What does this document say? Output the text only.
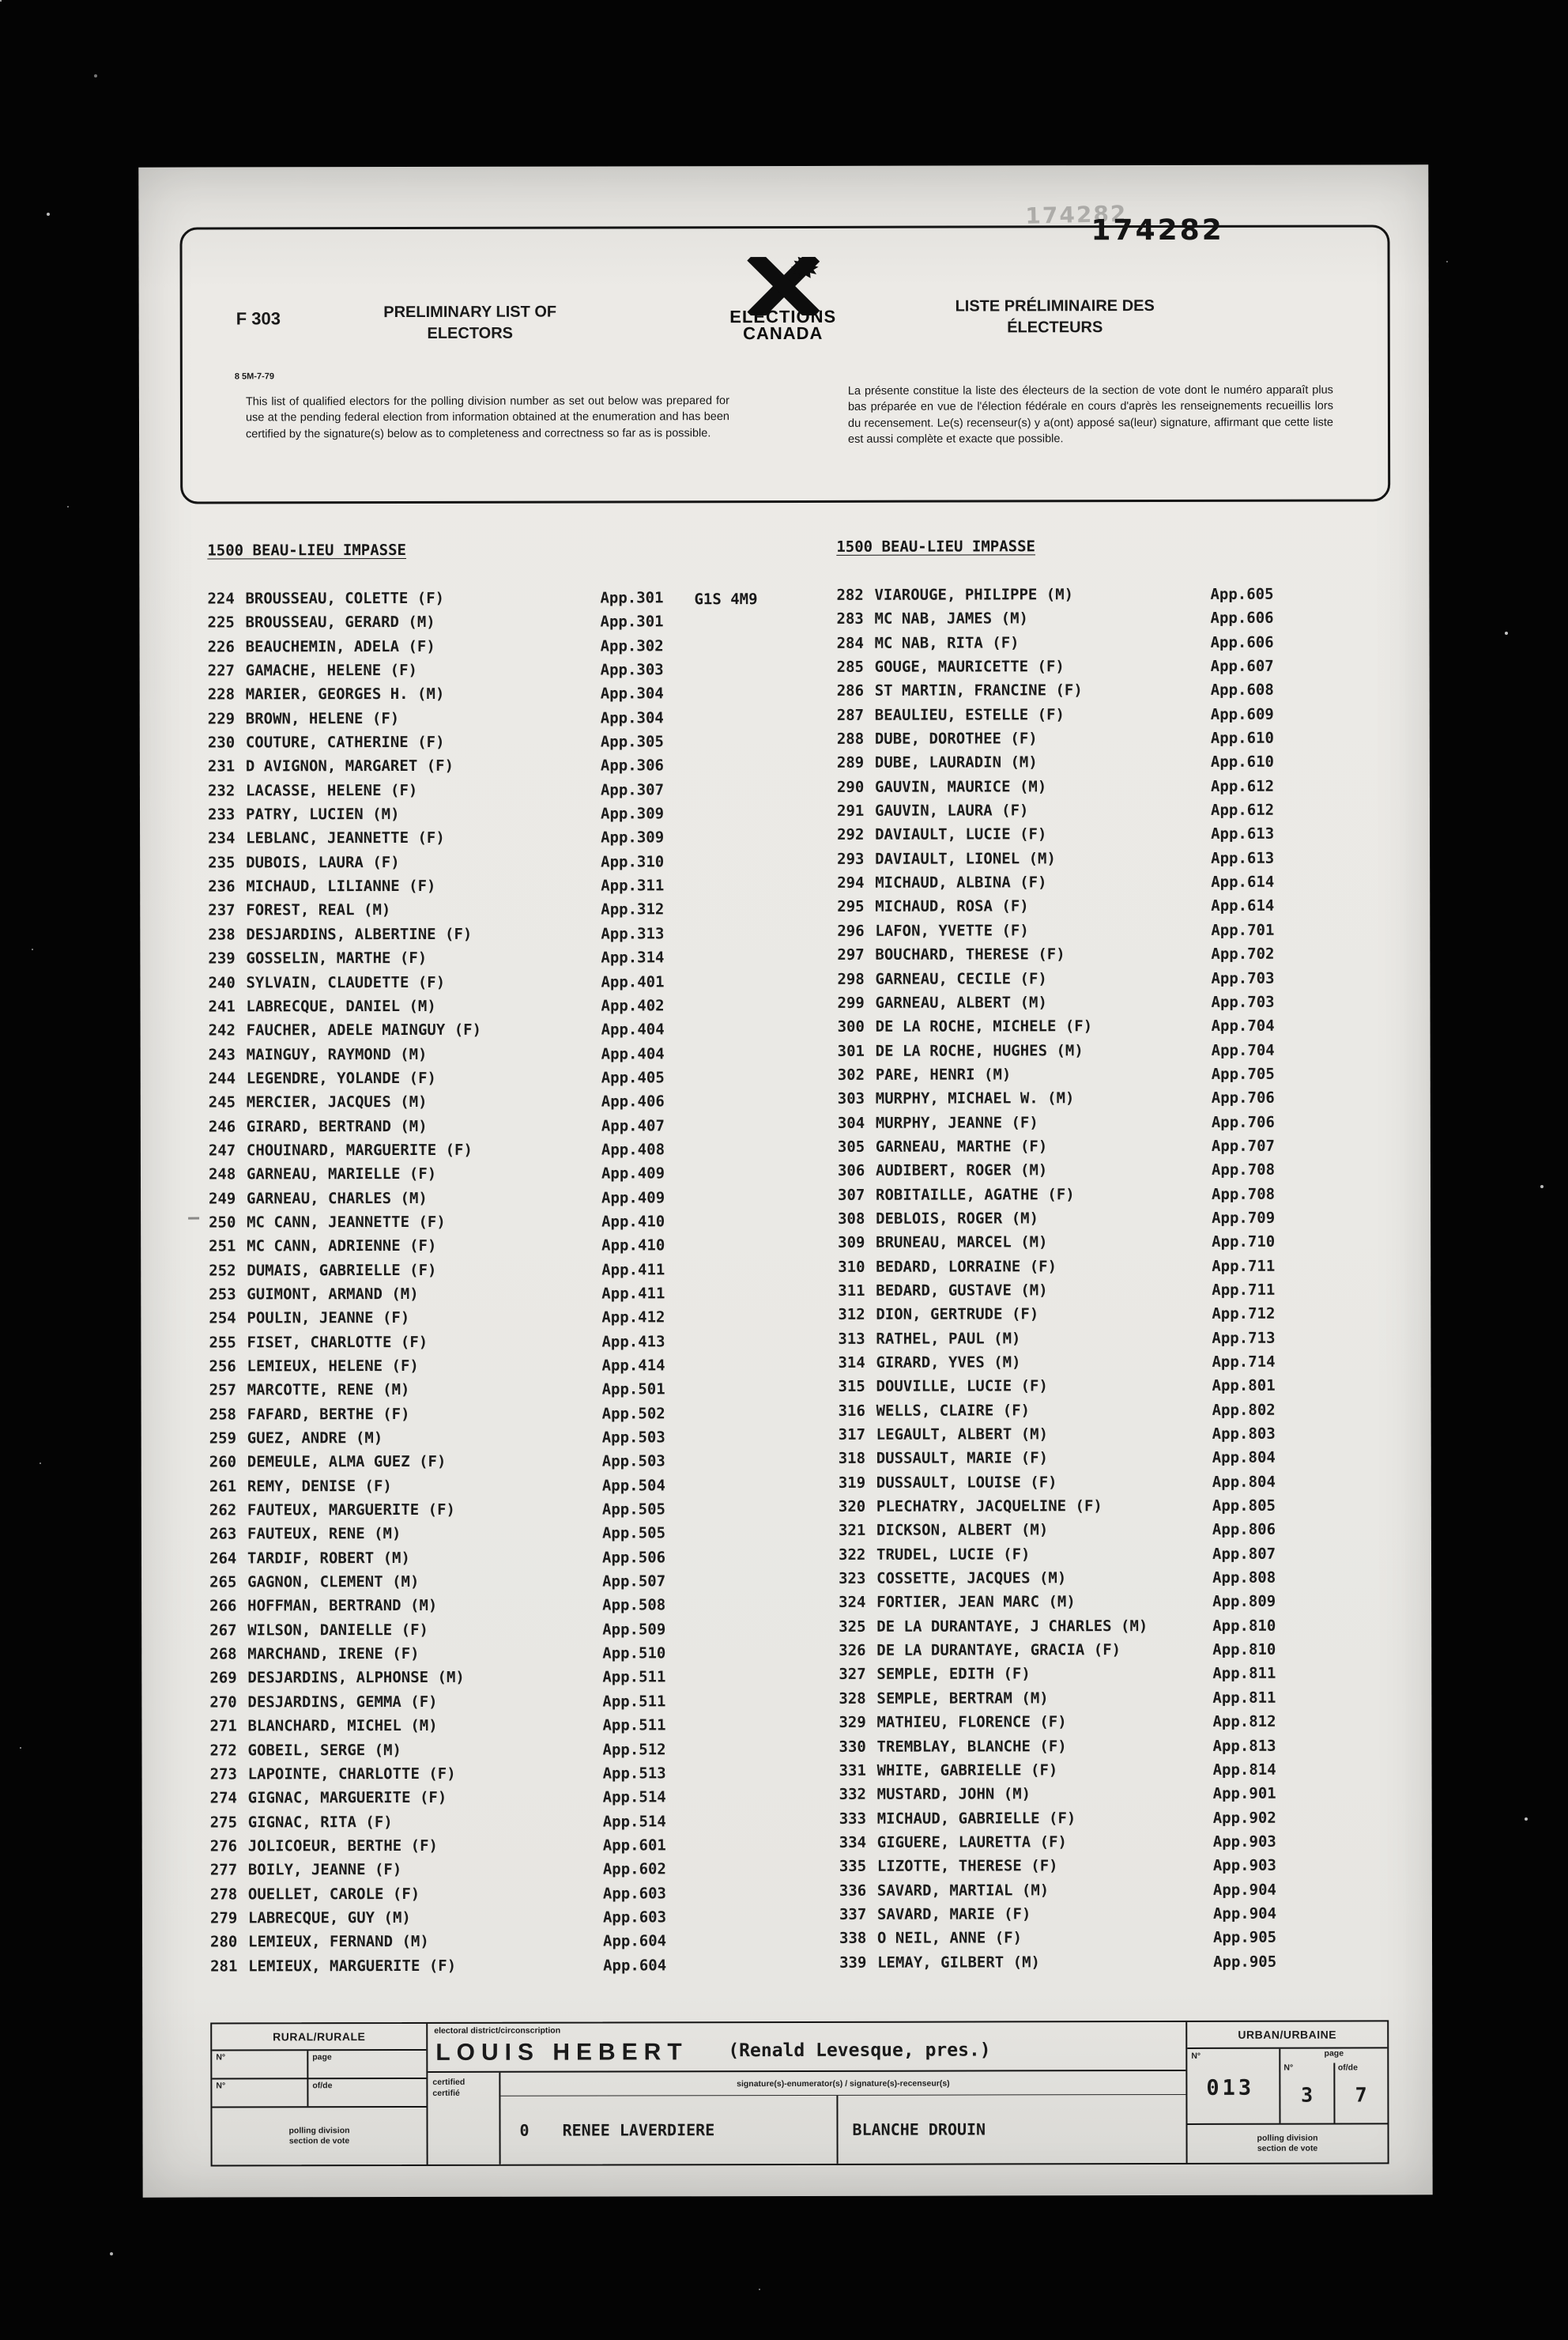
174282
174282
F 303
8 5M-7-79
PRELIMINARY LIST OF ELECTORS
ELECTIONS
CANADA
LISTE PRÉLIMINAIRE DES ÉLECTEURS
This list of qualified electors for the polling division number as set out below was prepared for use at the pending federal election from information obtained at the enumeration and has been certified by the signature(s) below as to completeness and correctness so far as is possible.
La présente constitue la liste des électeurs de la section de vote dont le numéro apparaît plus bas préparée en vue de l'élection fédérale en cours d'après les renseignements recueillis lors du recensement. Le(s) recenseur(s) y a(ont) apposé sa(leur) signature, affirmant que cette liste est aussi complète et exacte que possible.
1500 BEAU-LIEU IMPASSE	1500 BEAU-LIEU IMPASSE
G1S 4M9
224 BROUSSEAU, COLETTE (F)	App.301
225 BROUSSEAU, GERARD (M)	App.301
226 BEAUCHEMIN, ADELA (F)	App.302
227 GAMACHE, HELENE (F)	App.303
228 MARIER, GEORGES H. (M)	App.304
229 BROWN, HELENE (F)	App.304
230 COUTURE, CATHERINE (F)	App.305
231 D AVIGNON, MARGARET (F)	App.306
232 LACASSE, HELENE (F)	App.307
233 PATRY, LUCIEN (M)	App.309
234 LEBLANC, JEANNETTE (F)	App.309
235 DUBOIS, LAURA (F)	App.310
236 MICHAUD, LILIANNE (F)	App.311
237 FOREST, REAL (M)	App.312
238 DESJARDINS, ALBERTINE (F)	App.313
239 GOSSELIN, MARTHE (F)	App.314
240 SYLVAIN, CLAUDETTE (F)	App.401
241 LABRECQUE, DANIEL (M)	App.402
242 FAUCHER, ADELE MAINGUY (F)	App.404
243 MAINGUY, RAYMOND (M)	App.404
244 LEGENDRE, YOLANDE (F)	App.405
245 MERCIER, JACQUES (M)	App.406
246 GIRARD, BERTRAND (M)	App.407
247 CHOUINARD, MARGUERITE (F)	App.408
248 GARNEAU, MARIELLE (F)	App.409
249 GARNEAU, CHARLES (M)	App.409
250 MC CANN, JEANNETTE (F)	App.410
251 MC CANN, ADRIENNE (F)	App.410
252 DUMAIS, GABRIELLE (F)	App.411
253 GUIMONT, ARMAND (M)	App.411
254 POULIN, JEANNE (F)	App.412
255 FISET, CHARLOTTE (F)	App.413
256 LEMIEUX, HELENE (F)	App.414
257 MARCOTTE, RENE (M)	App.501
258 FAFARD, BERTHE (F)	App.502
259 GUEZ, ANDRE (M)	App.503
260 DEMEULE, ALMA GUEZ (F)	App.503
261 REMY, DENISE (F)	App.504
262 FAUTEUX, MARGUERITE (F)	App.505
263 FAUTEUX, RENE (M)	App.505
264 TARDIF, ROBERT (M)	App.506
265 GAGNON, CLEMENT (M)	App.507
266 HOFFMAN, BERTRAND (M)	App.508
267 WILSON, DANIELLE (F)	App.509
268 MARCHAND, IRENE (F)	App.510
269 DESJARDINS, ALPHONSE (M)	App.511
270 DESJARDINS, GEMMA (F)	App.511
271 BLANCHARD, MICHEL (M)	App.511
272 GOBEIL, SERGE (M)	App.512
273 LAPOINTE, CHARLOTTE (F)	App.513
274 GIGNAC, MARGUERITE (F)	App.514
275 GIGNAC, RITA (F)	App.514
276 JOLICOEUR, BERTHE (F)	App.601
277 BOILY, JEANNE (F)	App.602
278 OUELLET, CAROLE (F)	App.603
279 LABRECQUE, GUY (M)	App.603
280 LEMIEUX, FERNAND (M)	App.604
281 LEMIEUX, MARGUERITE (F)	App.604
282 VIAROUGE, PHILIPPE (M)	App.605
283 MC NAB, JAMES (M)	App.606
284 MC NAB, RITA (F)	App.606
285 GOUGE, MAURICETTE (F)	App.607
286 ST MARTIN, FRANCINE (F)	App.608
287 BEAULIEU, ESTELLE (F)	App.609
288 DUBE, DOROTHEE (F)	App.610
289 DUBE, LAURADIN (M)	App.610
290 GAUVIN, MAURICE (M)	App.612
291 GAUVIN, LAURA (F)	App.612
292 DAVIAULT, LUCIE (F)	App.613
293 DAVIAULT, LIONEL (M)	App.613
294 MICHAUD, ALBINA (F)	App.614
295 MICHAUD, ROSA (F)	App.614
296 LAFON, YVETTE (F)	App.701
297 BOUCHARD, THERESE (F)	App.702
298 GARNEAU, CECILE (F)	App.703
299 GARNEAU, ALBERT (M)	App.703
300 DE LA ROCHE, MICHELE (F)	App.704
301 DE LA ROCHE, HUGHES (M)	App.704
302 PARE, HENRI (M)	App.705
303 MURPHY, MICHAEL W. (M)	App.706
304 MURPHY, JEANNE (F)	App.706
305 GARNEAU, MARTHE (F)	App.707
306 AUDIBERT, ROGER (M)	App.708
307 ROBITAILLE, AGATHE (F)	App.708
308 DEBLOIS, ROGER (M)	App.709
309 BRUNEAU, MARCEL (M)	App.710
310 BEDARD, LORRAINE (F)	App.711
311 BEDARD, GUSTAVE (M)	App.711
312 DION, GERTRUDE (F)	App.712
313 RATHEL, PAUL (M)	App.713
314 GIRARD, YVES (M)	App.714
315 DOUVILLE, LUCIE (F)	App.801
316 WELLS, CLAIRE (F)	App.802
317 LEGAULT, ALBERT (M)	App.803
318 DUSSAULT, MARIE (F)	App.804
319 DUSSAULT, LOUISE (F)	App.804
320 PLECHATRY, JACQUELINE (F)	App.805
321 DICKSON, ALBERT (M)	App.806
322 TRUDEL, LUCIE (F)	App.807
323 COSSETTE, JACQUES (M)	App.808
324 FORTIER, JEAN MARC (M)	App.809
325 DE LA DURANTAYE, J CHARLES (M)	App.810
326 DE LA DURANTAYE, GRACIA (F)	App.810
327 SEMPLE, EDITH (F)	App.811
328 SEMPLE, BERTRAM (M)	App.811
329 MATHIEU, FLORENCE (F)	App.812
330 TREMBLAY, BLANCHE (F)	App.813
331 WHITE, GABRIELLE (F)	App.814
332 MUSTARD, JOHN (M)	App.901
333 MICHAUD, GABRIELLE (F)	App.902
334 GIGUERE, LAURETTA (F)	App.903
335 LIZOTTE, THERESE (F)	App.903
336 SAVARD, MARTIAL (M)	App.904
337 SAVARD, MARIE (F)	App.904
338 O NEIL, ANNE (F)	App.905
339 LEMAY, GILBERT (M)	App.905
RURAL/RURALE
N°	page
N°	of/de
polling division
section de vote
electoral district/circonscription
LOUIS HEBERT (Renald Levesque, pres.)
certified
certifié
signature(s)-enumerator(s) / signature(s)-recenseur(s)
0 RENEE LAVERDIERE	BLANCHE DROUIN
URBAN/URBAINE
N°
013
page
N°
3
of/de
7
polling division
section de vote
